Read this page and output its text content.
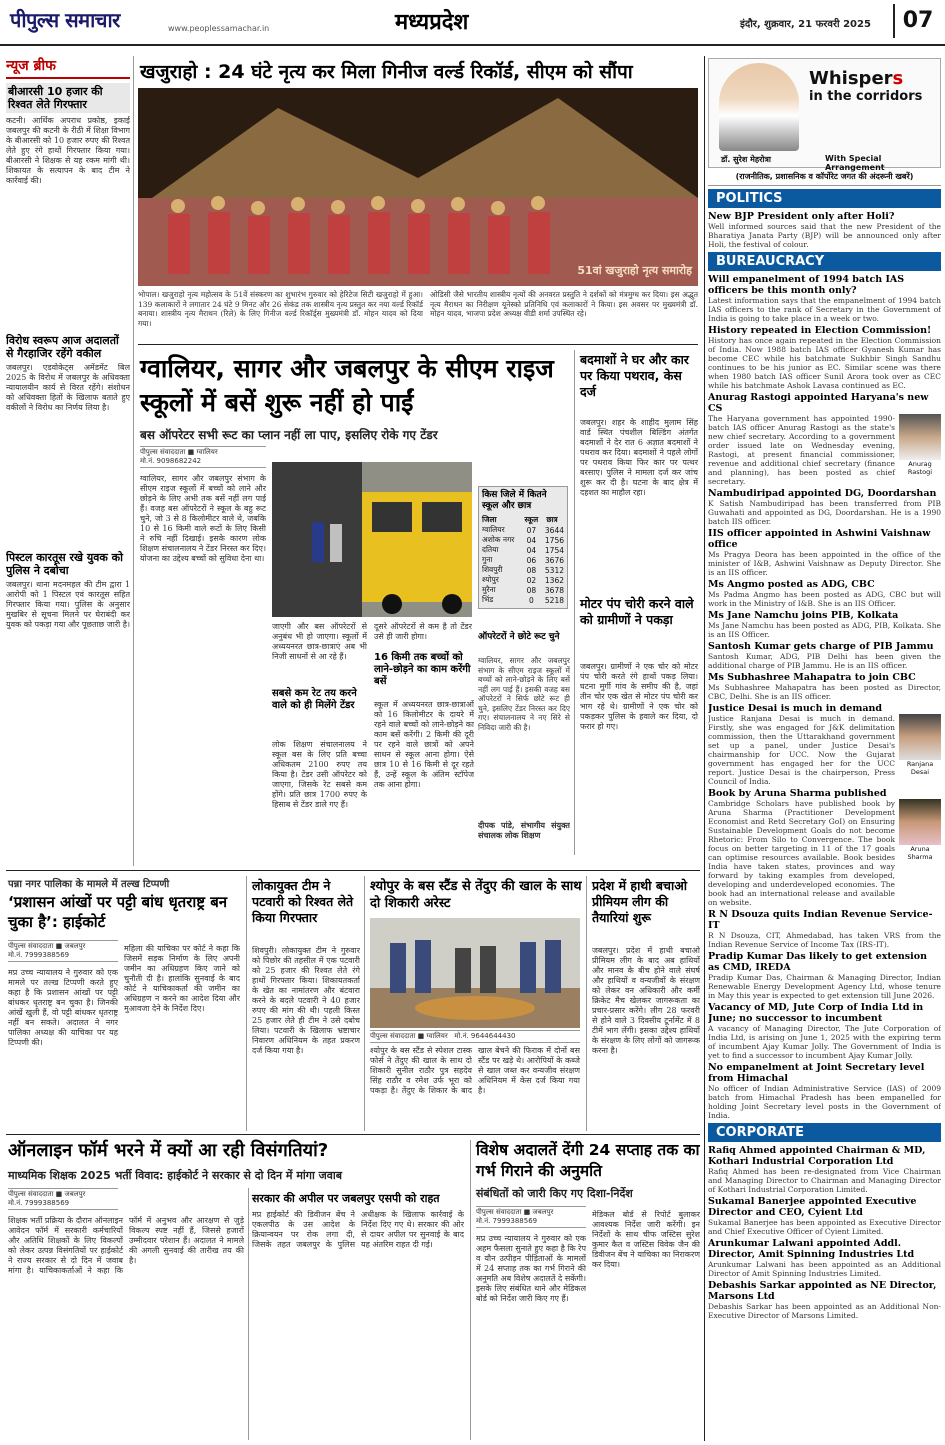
पीपुल्स समाचार	www.peoplessamachar.in	मध्यप्रदेश	इंदौर, शुक्रवार, 21 फरवरी 2025	07
न्यूज ब्रीफ
बीआरसी 10 हजार की रिश्वत लेते गिरफ्तार
कटनी। आर्थिक अपराध प्रकोष्ठ, इकाई जबलपुर की कटनी के रीठी में शिक्षा विभाग के बीआरसी को 10 हजार रुपए की रिश्वत लेते हुए रंगे हाथों गिरफ्तार किया गया। बीआरसी ने शिक्षक से यह रकम मांगी थी। शिकायत के सत्यापन के बाद टीम ने कार्रवाई की।
विरोध स्वरूप आज अदालतों से गैरहाजिर रहेंगे वकील
जबलपुर। एडवोकेट्स अमेंडमेंट बिल 2025 के विरोध में जबलपुर के अधिवक्ता न्यायालयीन कार्य से विरत रहेंगे। संशोधन को अधिवक्ता हितों के खिलाफ बताते हुए वकीलों ने विरोध का निर्णय लिया है।
पिस्टल कारतूस रखे युवक को पुलिस ने दबोचा
जबलपुर। थाना मदनमहल की टीम द्वारा 1 आरोपी को 1 पिस्टल एवं कारतूस सहित गिरफ्तार किया गया। पुलिस के अनुसार मुखबिर से सूचना मिलने पर घेराबंदी कर युवक को पकड़ा गया और पूछताछ जारी है।
खजुराहो : 24 घंटे नृत्य कर मिला गिनीज वर्ल्ड रिकॉर्ड, सीएम को सौंपा
51वां खजुराहो नृत्य समारोह
भोपाल। खजुराहो नृत्य महोत्सव के 51वें संस्करण का शुभारंभ गुरुवार को हेरिटेज सिटी खजुराहो में हुआ। 139 कलाकारों ने लगातार 24 घंटे 9 मिनट और 26 सेकंड तक शास्त्रीय नृत्य प्रस्तुत कर नया वर्ल्ड रिकॉर्ड बनाया। शास्त्रीय नृत्य मैराथन (रिले) के लिए गिनीज वर्ल्ड रिकॉर्ड्स मुख्यमंत्री डॉ. मोहन यादव को दिया गया।
ओडिसी जैसे भारतीय शास्त्रीय नृत्यों की अनवरत प्रस्तुति ने दर्शकों को मंत्रमुग्ध कर दिया। इस अद्भुत नृत्य मैराथन का निरीक्षण यूनेस्को प्रतिनिधि एवं कलाकारों ने किया। इस अवसर पर मुख्यमंत्री डॉ. मोहन यादव, भाजपा प्रदेश अध्यक्ष वीडी शर्मा उपस्थित रहे।
ग्वालियर, सागर और जबलपुर के सीएम राइज स्कूलों में बसें शुरू नहीं हो पाईं
बस ऑपरेटर सभी रूट का प्लान नहीं ला पाए, इसलिए रोके गए टेंडर
पीपुल्स संवाददाता ■ ग्वालियर
मो.नं. 9098682242
ग्वालियर, सागर और जबलपुर संभाग के सीएम राइज स्कूलों में बच्चों को लाने और छोड़ने के लिए अभी तक बसें नहीं लग पाई हैं। वजह बस ऑपरेटरों ने स्कूल के बहु रूट चुने, जो 3 से 8 किलोमीटर वाले थे, जबकि 10 से 16 किमी वाले रूटों के लिए किसी ने रुचि नहीं दिखाई। इसके कारण लोक शिक्षण संचालनालय ने टेंडर निरस्त कर दिए। योजना का उद्देश्य बच्चों को सुविधा देना था।
जाएगी और बस ऑपरेटरों से अनुबंध भी हो जाएगा। स्कूलों में अध्ययनरत छात्र-छात्राएं अब भी निजी साधनों से आ रहे हैं।
सबसे कम रेट तय करने वाले को ही मिलेंगे टेंडर
लोक शिक्षण संचालनालय ने स्कूल बस के लिए प्रति बच्चा अधिकतम 2100 रुपए तय किया है। टेंडर उसी ऑपरेटर को जाएगा, जिसके रेट सबसे कम होंगे। प्रति छात्र 1700 रुपए के हिसाब से टेंडर डाले गए हैं।
दूसरे ऑपरेटरों से कम है तो टेंडर उसे ही जारी होगा।
16 किमी तक बच्चों को लाने-छोड़ने का काम करेंगी बसें
स्कूल में अध्ययनरत छात्र-छात्राओं को 16 किलोमीटर के दायरे में रहने वाले बच्चों को लाने-छोड़ने का काम बसें करेंगी। 2 किमी की दूरी पर रहने वाले छात्रों को अपने साधन से स्कूल आना होगा। ऐसे छात्र 10 से 16 किमी से दूर रहते हैं, उन्हें स्कूल के अंतिम स्टॉपेज तक आना होगा।
किस जिले में कितने स्कूल और छात्र
जिला	स्कूल	छात्र
ग्वालियर	07	3644
अशोक नगर	04	1756
दतिया	04	1754
गुना	06	3676
शिवपुरी	08	5312
श्योपुर	02	1362
मुरैना	08	3678
भिंड	0	5218
ऑपरेटरों ने छोटे रूट चुने
ग्वालियर, सागर और जबलपुर संभाग के सीएम राइज स्कूलों में बच्चों को लाने-छोड़ने के लिए बसें नहीं लग पाई हैं। इसकी वजह बस ऑपरेटरों ने सिर्फ छोटे रूट ही चुने, इसलिए टेंडर निरस्त कर दिए गए। संचालनालय ने नए सिरे से निविदा जारी की है।
दीपक पांडे, संभागीय संयुक्त संचालक लोक शिक्षण
बदमाशों ने घर और कार पर किया पथराव, केस दर्ज
जबलपुर। शहर के शाहीद मुलाम सिंह वार्ड स्थित पंचशील बिल्डिंग अंतर्गत बदमाशों ने देर रात 6 अज्ञात बदमाशों ने पथराव कर दिया। बदमाशों ने पहले लोगों पर पथराव किया फिर कार पर पत्थर बरसाए। पुलिस ने मामला दर्ज कर जांच शुरू कर दी है। घटना के बाद क्षेत्र में दहशत का माहौल रहा।
मोटर पंप चोरी करने वाले को ग्रामीणों ने पकड़ा
जबलपुर। ग्रामीणों ने एक चोर को मोटर पंप चोरी करते रंगे हाथों पकड़ लिया। घटना मुर्गी गांव के समीप की है, जहां तीन चोर एक खेत से मोटर पंप चोरी कर भाग रहे थे। ग्रामीणों ने एक चोर को पकड़कर पुलिस के हवाले कर दिया, दो फरार हो गए।
पन्ना नगर पालिका के मामले में तल्ख टिप्पणी
‘प्रशासन आंखों पर पट्टी बांध धृतराष्ट्र बन चुका है’: हाईकोर्ट
पीपुल्स संवाददाता ■ जबलपुर
मो.नं. 7999388569
मप्र उच्च न्यायालय ने गुरुवार को एक मामले पर तल्ख टिप्पणी करते हुए कहा है कि प्रशासन आंखों पर पट्टी बांधकर धृतराष्ट्र बन चुका है। जिनकी आंखें खुली हैं, वो पट्टी बांधकर धृतराष्ट्र नहीं बन सकते। अदालत ने नगर पालिका अध्यक्ष की याचिका पर यह टिप्पणी की।
महिला की याचिका पर कोर्ट ने कहा कि जिसमें सड़क निर्माण के लिए अपनी जमीन का अधिग्रहण किए जाने को चुनौती दी है। हालांकि सुनवाई के बाद कोर्ट ने याचिकाकर्ता की जमीन का अधिग्रहण न करने का आदेश दिया और मुआवजा देने के निर्देश दिए।
लोकायुक्त टीम ने पटवारी को रिश्वत लेते किया गिरफ्तार
शिवपुरी। लोकायुक्त टीम ने गुरुवार को पिछोर की तहसील में एक पटवारी को 25 हजार की रिश्वत लेते रंगे हाथों गिरफ्तार किया। शिकायतकर्ता के खेत का नामांतरण और बंटवारा करने के बदले पटवारी ने 40 हजार रुपए की मांग की थी। पहली किस्त 25 हजार लेते ही टीम ने उसे दबोच लिया। पटवारी के खिलाफ भ्रष्टाचार निवारण अधिनियम के तहत प्रकरण दर्ज किया गया है।
श्योपुर के बस स्टैंड से तेंदुए की खाल के साथ दो शिकारी अरेस्ट
पीपुल्स संवाददाता ■ ग्वालियर मो.नं. 9644644430
श्योपुर के बस स्टैंड से स्पेशल टास्क फोर्स ने तेंदुए की खाल के साथ दो शिकारी सुनील राठौर पुत्र सहदेव सिंह राठौर व रमेश उर्फ भूरा को पकड़ा है। तेंदुए के शिकार के बाद खाल बेचने की फिराक में दोनों बस स्टैंड पर खड़े थे। आरोपियों के कब्जे से खाल जब्त कर वन्यजीव संरक्षण अधिनियम में केस दर्ज किया गया है।
प्रदेश में हाथी बचाओ प्रीमियम लीग की तैयारियां शुरू
जबलपुर। प्रदेश में हाथी बचाओ प्रीमियम लीग के बाद अब हाथियों और मानव के बीच होने वाले संघर्ष और हाथियों व वन्यजीवों के संरक्षण को लेकर वन अधिकारी और कर्मी क्रिकेट मैच खेलकर जागरूकता का प्रचार-प्रसार करेंगे। लीग 28 फरवरी से होने वाले 3 दिवसीय टूर्नामेंट में 8 टीमें भाग लेंगी। इसका उद्देश्य हाथियों के संरक्षण के लिए लोगों को जागरूक करना है।
ऑनलाइन फॉर्म भरने में क्यों आ रही विसंगतियां?
माध्यमिक शिक्षक 2025 भर्ती विवाद: हाईकोर्ट ने सरकार से दो दिन में मांगा जवाब
पीपुल्स संवाददाता ■ जबलपुर
मो.नं. 7999388569
शिक्षक भर्ती प्रक्रिया के दौरान ऑनलाइन आवेदन फॉर्म में सरकारी कर्मचारियों और अतिथि शिक्षकों के लिए विकल्पों को लेकर उत्पन्न विसंगतियों पर हाईकोर्ट ने राज्य सरकार से दो दिन में जवाब मांगा है। याचिकाकर्ताओं ने कहा कि फॉर्म में अनुभव और आरक्षण से जुड़े विकल्प स्पष्ट नहीं हैं, जिससे हजारों उम्मीदवार परेशान हैं। अदालत ने मामले की अगली सुनवाई की तारीख तय की है।
सरकार की अपील पर जबलपुर एसपी को राहत
मप्र हाईकोर्ट की डिवीजन बेंच ने एकलपीठ के उस आदेश के क्रियान्वयन पर रोक लगा दी, जिसके तहत जबलपुर के पुलिस अधीक्षक के खिलाफ कार्रवाई के निर्देश दिए गए थे। सरकार की ओर से दायर अपील पर सुनवाई के बाद यह अंतरिम राहत दी गई।
विशेष अदालतें देंगी 24 सप्ताह तक का गर्भ गिराने की अनुमति
संबंधितों को जारी किए गए दिशा-निर्देश
पीपुल्स संवाददाता ■ जबलपुर
मो.नं. 7999388569
मप्र उच्च न्यायालय ने गुरुवार को एक अहम फैसला सुनाते हुए कहा है कि रेप व यौन उत्पीड़न पीड़िताओं के मामलों में 24 सप्ताह तक का गर्भ गिराने की अनुमति अब विशेष अदालतें दे सकेंगी। इसके लिए संबंधित थाने और मेडिकल बोर्ड को निर्देश जारी किए गए हैं।
मेडिकल बोर्ड से रिपोर्ट बुलाकर आवश्यक निर्देश जारी करेंगी। इन निर्देशों के साथ चीफ जस्टिस सुरेश कुमार कैत व जस्टिस विवेक जैन की डिवीजन बेंच ने याचिका का निराकरण कर दिया।
Whispers
in the corridors
डॉ. सुरेश मेहरोत्रा	With Special Arrangement
(राजनीतिक, प्रशासनिक व कॉर्पोरेट जगत की अंदरूनी खबरें)
POLITICS
New BJP President only after Holi?
Well informed sources said that the new President of the Bharatiya Janata Party (BJP) will be announced only after Holi, the festival of colour.
BUREAUCRACY
Will empanelment of 1994 batch IAS officers be this month only?
Latest information says that the empanelment of 1994 batch IAS officers to the rank of Secretary in the Government of India is going to take place in a week or two.
History repeated in Election Commission!
History has once again repeated in the Election Commission of India. Now 1988 batch IAS officer Gyanesh Kumar has become CEC while his batchmate Sukhbir Singh Sandhu continues to be his junior as EC. Similar scene was there when 1980 batch IAS officer Sunil Arora took over as CEC while his batchmate Ashok Lavasa continued as EC.
Anurag Rastogi appointed Haryana's new CS
The Haryana government has appointed 1990-batch IAS officer Anurag Rastogi as the state's new chief secretary. According to a government order issued late on Wednesday evening, Rastogi, at present financial commissioner, revenue and additional chief secretary (finance and planning), has been posted as chief secretary.
Anurag Rastogi
Nambudiripad appointed DG, Doordarshan
K Satish Nambudiripad has been transferred from PIB Guwahati and appointed as DG, Doordarshan. He is a 1990 batch IIS officer.
IIS officer appointed in Ashwini Vaishnaw office
Ms Pragya Deora has been appointed in the office of the minister of I&B, Ashwini Vaishnaw as Deputy Director. She is an IIS officer.
Ms Angmo posted as ADG, CBC
Ms Padma Angmo has been posted as ADG, CBC but will work in the Ministry of I&B. She is an IIS Officer.
Ms Jane Namchu joins PIB, Kolkata
Ms Jane Namchu has been posted as ADG, PIB, Kolkata. She is an IIS Officer.
Santosh Kumar gets charge of PIB Jammu
Santosh Kumar, ADG, PIB Delhi has been given the additional charge of PIB Jammu. He is an IIS officer.
Ms Subhashree Mahapatra to join CBC
Ms Subhashree Mahapatra has been posted as Director, CBC, Delhi. She is an IIS officer.
Justice Desai is much in demand
Justice Ranjana Desai is much in demand. Firstly, she was engaged for J&K delimitation commission, then the Uttarakhand government set up a panel, under Justice Desai's chairmanship for UCC. Now the Gujarat government has engaged her for the UCC report. Justice Desai is the chairperson, Press Council of India.
Ranjana Desai
Book by Aruna Sharma published
Cambridge Scholars have published book by Aruna Sharma (Practitioner Development Economist and Retd Secretary GoI) on Ensuring Sustainable Development Goals do not become Rhetoric: From Silo to Convergence. The book focus on better targeting in 11 of the 17 goals can optimise resources available. Book besides India have taken states, provinces and way forward by taking examples from developed, developing and underdeveloped economies. The book had an international release and available on website.
Aruna Sharma
R N Dsouza quits Indian Revenue Service-IT
R N Dsouza, CIT, Ahmedabad, has taken VRS from the Indian Revenue Service of Income Tax (IRS-IT).
Pradip Kumar Das likely to get extension as CMD, IREDA
Pradip Kumar Das, Chairman & Managing Director, Indian Renewable Energy Development Agency Ltd, whose tenure in May this year is expected to get extension till June 2026.
Vacancy of MD, Jute Corp of India Ltd in June; no successor to incumbent
A vacancy of Managing Director, The Jute Corporation of India Ltd, is arising on June 1, 2025 with the expiring term of incumbent Ajay Kumar Jolly. The Government of India is yet to find a successor to incumbent Ajay Kumar Jolly.
No empanelment at Joint Secretary level from Himachal
No officer of Indian Administrative Service (IAS) of 2009 batch from Himachal Pradesh has been empanelled for holding Joint Secretary level posts in the Government of India.
CORPORATE
Rafiq Ahmed appointed Chairman & MD, Kothari Industrial Corporation Ltd
Rafiq Ahmed has been re-designated from Vice Chairman and Managing Director to Chairman and Managing Director of Kothari Industrial Corporation Limited.
Sukamal Banerjee appointed Executive Director and CEO, Cyient Ltd
Sukamal Banerjee has been appointed as Executive Director and Chief Executive Officer of Cyient Limited.
Arunkumar Lalwani appointed Addl. Director, Amit Spinning Industries Ltd
Arunkumar Lalwani has been appointed as an Additional Director of Amit Spinning Industries Limited.
Debashis Sarkar appointed as NE Director, Marsons Ltd
Debashis Sarkar has been appointed as an Additional Non-Executive Director of Marsons Limited.
